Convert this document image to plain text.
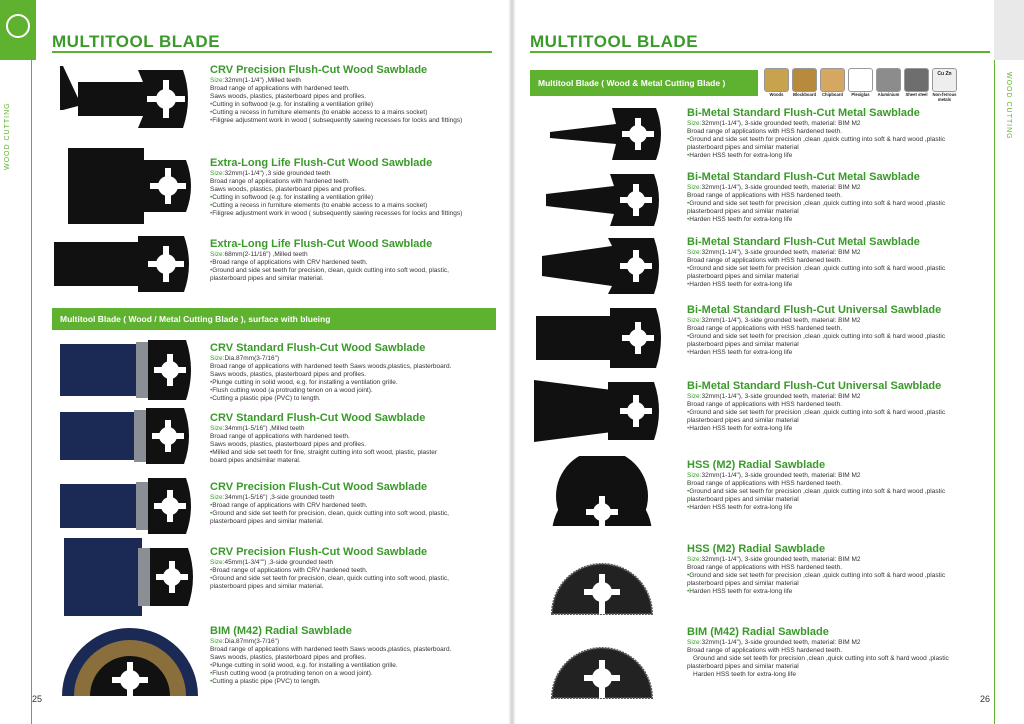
WOOD CUTTING
MULTITOOL BLADE
CRV Precision Flush-Cut Wood Sawblade
Size:32mm(1-1/4") ,Milled teeth
Broad range of applications with hardened teeth.
Saws woods, plastics, plasterboard pipes and profiles.
• Cutting in softwood (e.g. for installing a ventilation grille)
• Cutting a recess in furniture elements (to enable access to a mains socket)
• Filigree adjustment work in wood ( subsequently sawing recesses for locks and fittings)
Extra-Long Life Flush-Cut Wood Sawblade
Size:32mm(1-1/4") ,3 side grounded teeth
Broad range of applications with hardened teeth.
Saws woods, plastics, plasterboard pipes and profiles.
• Cutting in softwood (e.g. for installing a ventilation grille)
• Cutting a recess in furniture elements (to enable access to a mains socket)
• Filigree adjustment work in wood ( subsequently sawing recesses for locks and fittings)
Extra-Long Life Flush-Cut Wood Sawblade
Size:68mm(2-11/16") ,Milled teeth
• Broad range of applications with CRV hardened teeth.
• Ground and side set teeth for precision, clean, quick cutting into soft wood, plastic,
plasterboard pipes and similar material.
Multitool Blade ( Wood / Metal Cutting Blade ), surface with blueing
CRV Standard Flush-Cut Wood Sawblade
Size:Dia.87mm(3-7/16")
Broad range of applications with hardened teeth Saws woods,plastics, plasterboard.
Saws woods, plastics, plasterboard pipes and profiles.
• Plunge cutting in solid wood, e.g. for installing a ventilation grille.
• Flush cutting wood (a protruding tenon on a wood joint).
• Cutting a plastic pipe (PVC) to length.
CRV Standard Flush-Cut Wood Sawblade
Size:34mm(1-5/16") ,Milled teeth
Broad range of applications with hardened teeth.
Saws woods, plastics, plasterboard pipes and profiles.
•Milled and side set teeth for fine, straight cutting into soft wood, plastic, plaster
board pipes andsimilar materal.
CRV Precision Flush-Cut Wood Sawblade
Size:34mm(1-5/16") ,3-side grounded teeth
• Broad range of applications with CRV hardened teeth.
• Ground and side set teeth for precision, clean, quick cutting into soft wood, plastic,
plasterboard pipes and similar material.
CRV Precision Flush-Cut Wood Sawblade
Size:45mm(1-3/4"") ,3-side grounded teeth
• Broad range of applications with CRV hardened teeth.
• Ground and side set teeth for precision, clean, quick cutting into soft wood, plastic,
plasterboard pipes and similar material.
BIM (M42) Radial Sawblade
Size:Dia.87mm(3-7/16")
Broad range of applications with hardened teeth Saws woods,plastics, plasterboard.
Saws woods, plastics, plasterboard pipes and profiles.
• Plunge cutting in solid wood, e.g. for installing a ventilation grille.
• Flush cutting wood (a protruding tenon on a wood joint).
• Cutting a plastic pipe (PVC) to length.
25
WOOD CUTTING
MULTITOOL BLADE
Multitool Blade ( Wood & Metal Cutting Blade )
Woods Blockboard Chipboard Plexiglas Aluminium Sheet steel
Cu Zn
Non-ferrous metals
Bi-Metal Standard Flush-Cut Metal Sawblade
Size:32mm(1-1/4"), 3-side grounded teeth, material: BIM M2
Broad range of applications with HSS hardened teeth.
• Ground and side set teeth for precision ,clean ,quick cutting into soft & hard wood ,plastic
plasterboard pipes and similar material
• Harden HSS teeth for extra-long life
Bi-Metal Standard Flush-Cut Metal Sawblade
Size:32mm(1-1/4"), 3-side grounded teeth, material: BIM M2
Broad range of applications with HSS hardened teeth.
• Ground and side set teeth for precision ,clean ,quick cutting into soft & hard wood ,plastic
plasterboard pipes and similar material
• Harden HSS teeth for extra-long life
Bi-Metal Standard Flush-Cut Metal Sawblade
Size:32mm(1-1/4"), 3-side grounded teeth, material: BIM M2
Broad range of applications with HSS hardened teeth.
• Ground and side set teeth for precision ,clean ,quick cutting into soft & hard wood ,plastic
plasterboard pipes and similar material
• Harden HSS teeth for extra-long life
Bi-Metal Standard Flush-Cut Universal Sawblade
Size:32mm(1-1/4"), 3-side grounded teeth, material: BIM M2
Broad range of applications with HSS hardened teeth.
• Ground and side set teeth for precision ,clean ,quick cutting into soft & hard wood ,plastic
plasterboard pipes and similar material
• Harden HSS teeth for extra-long life
Bi-Metal Standard Flush-Cut Universal Sawblade
Size:32mm(1-1/4"), 3-side grounded teeth, material: BIM M2
Broad range of applications with HSS hardened teeth.
• Ground and side set teeth for precision ,clean ,quick cutting into soft & hard wood ,plastic
plasterboard pipes and similar material
• Harden HSS teeth for extra-long life
HSS (M2) Radial Sawblade
Size:32mm(1-1/4"), 3-side grounded teeth, material: BIM M2
Broad range of applications with HSS hardened teeth.
• Ground and side set teeth for precision ,clean ,quick cutting into soft & hard wood ,plastic
plasterboard pipes and similar material
• Harden HSS teeth for extra-long life
HSS (M2) Radial Sawblade
Size:32mm(1-1/4"), 3-side grounded teeth, material: BIM M2
Broad range of applications with HSS hardened teeth.
• Ground and side set teeth for precision ,clean ,quick cutting into soft & hard wood ,plastic
plasterboard pipes and similar material
• Harden HSS teeth for extra-long life
BIM (M42) Radial Sawblade
Size:32mm(1-1/4"), 3-side grounded teeth, material: BIM M2
Broad range of applications with HSS hardened teeth.
Ground and side set teeth for precision ,clean ,quick cutting into soft & hard wood ,plastic
plasterboard pipes and similar material
Harden HSS teeth for extra-long life
26
